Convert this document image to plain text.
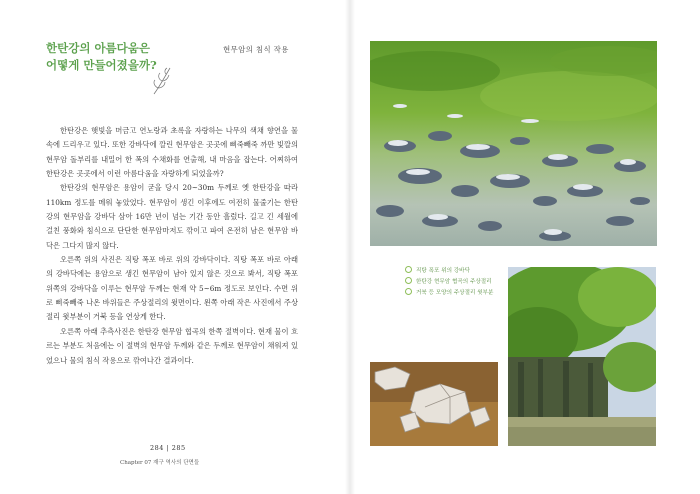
한탄강의 아름다움은
어떻게 만들어졌을까?
현무암의 침식 작용

한탄강은 햇빛을 머금고 연노랑과 초록을 자랑하는 나무의 색채 향연을 물 속에 드리우고 있다. 또한 강바닥에 깔린 현무암은 곳곳에 삐죽빼죽 까만 빛깔의 현무암 돌부리를 내밀어 한 폭의 수채화를 연출해, 내 마음을 잡는다. 어찌하여 한탄강은 곳곳에서 이런 아름다움을 자랑하게 되었을까?

한탄강의 현무암은 용암이 굳을 당시 20~30m 두께로 옛 한탄강을 따라 110km 정도를 메워 놓았었다. 현무암이 생긴 이후에도 여전히 물줄기는 한탄강의 현무암을 강바닥 삼아 16만 년이 넘는 기간 동안 흘렀다. 길고 긴 세월에 걸친 풍화와 침식으로 단단한 현무암마저도 깎이고 파여 온전히 남은 현무암 바닥은 그다지 많지 않다.

오른쪽 위의 사진은 직탕 폭포 바로 위의 강바닥이다. 직탕 폭포 바로 아래의 강바닥에는 용암으로 생긴 현무암이 남아 있지 않은 것으로 봐서, 직탕 폭포 위쪽의 강바닥을 이루는 현무암 두께는 현재 약 5~6m 정도로 보인다. 수면 위로 삐죽빼죽 나온 바위들은 주상절리의 윗면이다. 왼쪽 아래 작은 사진에서 주상절리 윗부분이 거북 등을 연상게 한다.

오른쪽 아래 추측사진은 한탄강 현무암 협곡의 한쪽 절벽이다. 현재 물이 흐르는 부분도 처음에는 이 절벽의 현무암 두께와 같은 두께로 현무암이 채워져 있었으나 물의 침식 작용으로 깎여나간 결과이다.

284 | 285
Chapter 07 재구 역사의 단면들
직탕 폭포 위의 강바닥
한탄강 현무암 협곡의 주상절리
거북 등 모양의 주상절리 윗부분
